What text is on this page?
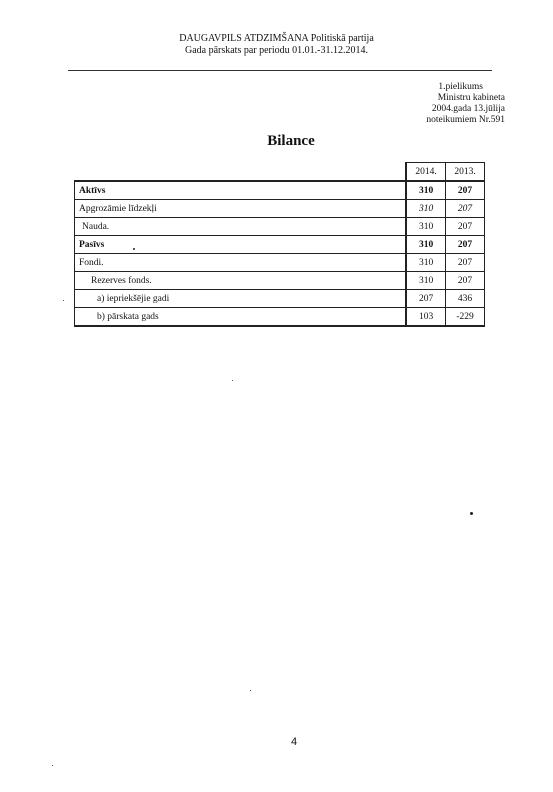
DAUGAVPILS ATDZIMŠANA Politiskā partija
Gada pārskats par periodu 01.01.-31.12.2014.
1.pielikums
Ministru kabineta
2004.gada 13.jūlija
noteikumiem Nr.591
Bilance
	2014.	2013.
Aktīvs	310	207
Apgrozāmie līdzekļi	310	207
Nauda.	310	207
Pasīvs	310	207
Fondi.	310	207
Rezerves fonds.	310	207
a) iepriekšējie gadi	207	436
b) pārskata gads	103	-229
4
